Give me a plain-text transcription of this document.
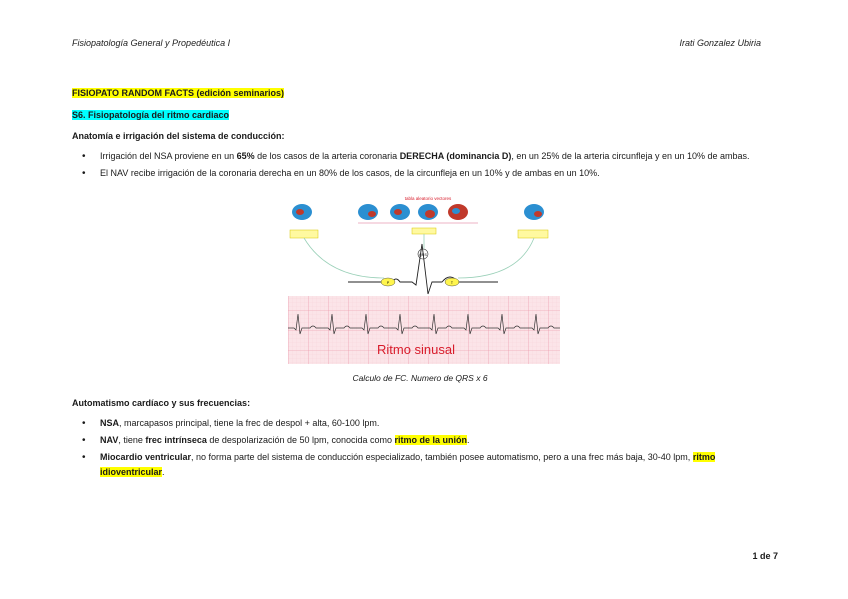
Fisiopatología General y Propedéutica I	Irati Gonzalez Ubiria

FISIOPATO RANDOM FACTS (edición seminarios)

S6. Fisiopatología del ritmo cardiaco

Anatomía e irrigación del sistema de conducción:

• Irrigación del NSA proviene en un 65% de los casos de la arteria coronaria DERECHA (dominancia D), en un 25% de la arteria circunfleja y en un 10% de ambas.
• El NAV recibe irrigación de la coronaria derecha en un 80% de los casos, de la circunfleja en un 10% y de ambas en un 10%.
tabla aleatorio vectores
QRS
P	T
Ritmo sinusal
Calculo de FC. Numero de QRS x 6

Automatismo cardíaco y sus frecuencias:

• NSA, marcapasos principal, tiene la frec de despol + alta, 60-100 lpm.
• NAV, tiene frec intrínseca de despolarización de 50 lpm, conocida como ritmo de la unión.
• Miocardio ventricular, no forma parte del sistema de conducción especializado, también posee automatismo, pero a una frec más baja, 30-40 lpm, ritmo idioventricular.
1 de 7
